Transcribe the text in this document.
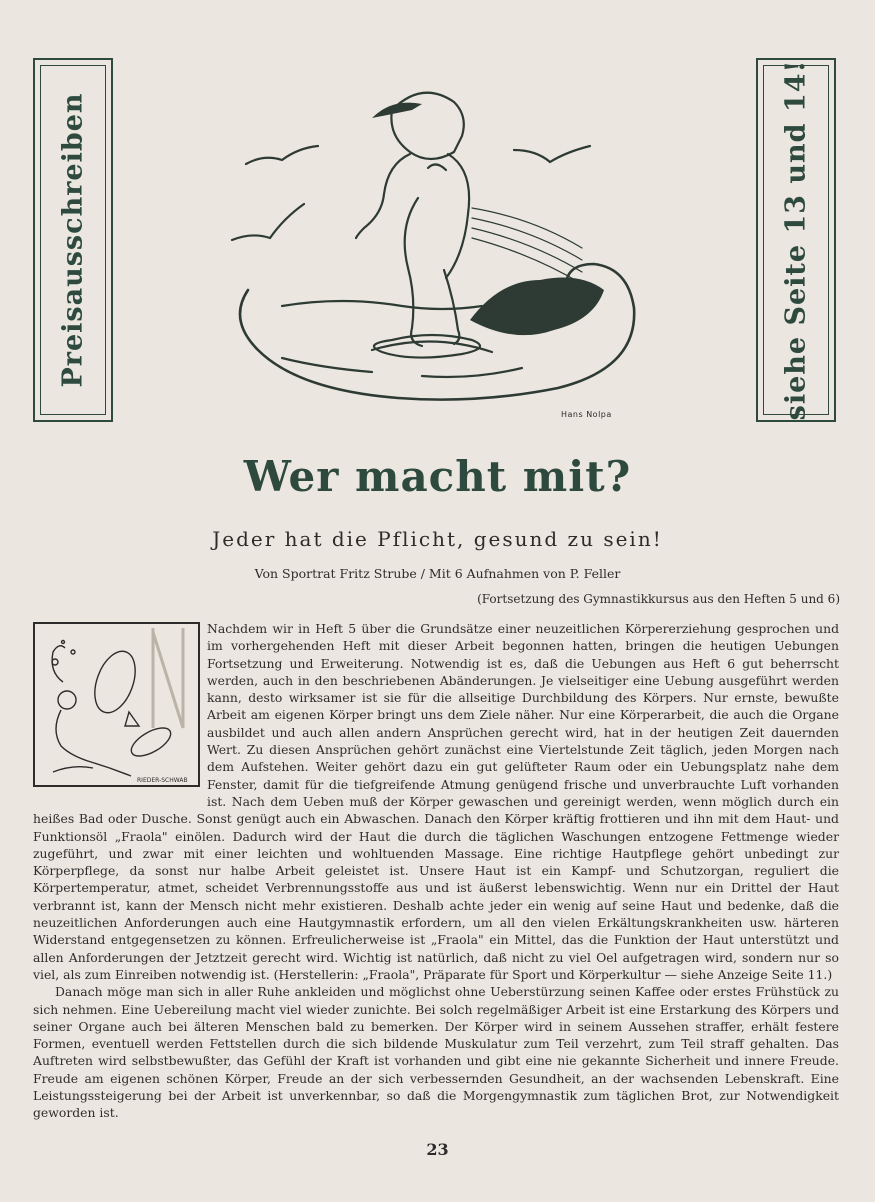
Preisausschreiben	siehe Seite 13 und 14!
Hans Nolpa
Wer macht mit?
Jeder hat die Pflicht, gesund zu sein!
Von Sportrat Fritz Strube / Mit 6 Aufnahmen von P. Feller
(Fortsetzung des Gymnastikkursus aus den Heften 5 und 6)
RIEDER-SCHWAB

Nachdem wir in Heft 5 über die Grundsätze einer neuzeitlichen Körpererziehung gesprochen und im vorhergehenden Heft mit dieser Arbeit begonnen hatten, bringen die heutigen Uebungen Fortsetzung und Erweiterung. Notwendig ist es, daß die Uebungen aus Heft 6 gut beherrscht werden, auch in den beschriebenen Abänderungen. Je vielseitiger eine Uebung ausgeführt werden kann, desto wirksamer ist sie für die allseitige Durchbildung des Körpers. Nur ernste, bewußte Arbeit am eigenen Körper bringt uns dem Ziele näher. Nur eine Körperarbeit, die auch die Organe ausbildet und auch allen andern Ansprüchen gerecht wird, hat in der heutigen Zeit dauernden Wert. Zu diesen Ansprüchen gehört zunächst eine Viertelstunde Zeit täglich, jeden Morgen nach dem Aufstehen. Weiter gehört dazu ein gut gelüfteter Raum oder ein Uebungsplatz nahe dem Fenster, damit für die tiefgreifende Atmung genügend frische und unverbrauchte Luft vorhanden ist. Nach dem Ueben muß der Körper gewaschen und gereinigt werden, wenn möglich durch ein heißes Bad oder Dusche. Sonst genügt auch ein Abwaschen. Danach den Körper kräftig frottieren und ihn mit dem Haut- und Funktionsöl „Fraola" einölen. Dadurch wird der Haut die durch die täglichen Waschungen entzogene Fettmenge wieder zugeführt, und zwar mit einer leichten und wohltuenden Massage. Eine richtige Hautpflege gehört unbedingt zur Körperpflege, da sonst nur halbe Arbeit geleistet ist. Unsere Haut ist ein Kampf- und Schutzorgan, reguliert die Körpertemperatur, atmet, scheidet Verbrennungsstoffe aus und ist äußerst lebenswichtig. Wenn nur ein Drittel der Haut verbrannt ist, kann der Mensch nicht mehr existieren. Deshalb achte jeder ein wenig auf seine Haut und bedenke, daß die neuzeitlichen Anforderungen auch eine Hautgymnastik erfordern, um all den vielen Erkältungskrankheiten usw. härteren Widerstand entgegensetzen zu können. Erfreulicherweise ist „Fraola" ein Mittel, das die Funktion der Haut unterstützt und allen Anforderungen der Jetztzeit gerecht wird. Wichtig ist natürlich, daß nicht zu viel Oel aufgetragen wird, sondern nur so viel, als zum Einreiben notwendig ist. (Herstellerin: „Fraola", Präparate für Sport und Körperkultur — siehe Anzeige Seite 11.)

Danach möge man sich in aller Ruhe ankleiden und möglichst ohne Ueberstürzung seinen Kaffee oder erstes Frühstück zu sich nehmen. Eine Uebereilung macht viel wieder zunichte. Bei solch regelmäßiger Arbeit ist eine Erstarkung des Körpers und seiner Organe auch bei älteren Menschen bald zu bemerken. Der Körper wird in seinem Aussehen straffer, erhält festere Formen, eventuell werden Fettstellen durch die sich bildende Muskulatur zum Teil verzehrt, zum Teil straff gehalten. Das Auftreten wird selbstbewußter, das Gefühl der Kraft ist vorhanden und gibt eine nie gekannte Sicherheit und innere Freude. Freude am eigenen schönen Körper, Freude an der sich verbessernden Gesundheit, an der wachsenden Lebenskraft. Eine Leistungssteigerung bei der Arbeit ist unverkennbar, so daß die Morgengymnastik zum täglichen Brot, zur Notwendigkeit geworden ist.

23
